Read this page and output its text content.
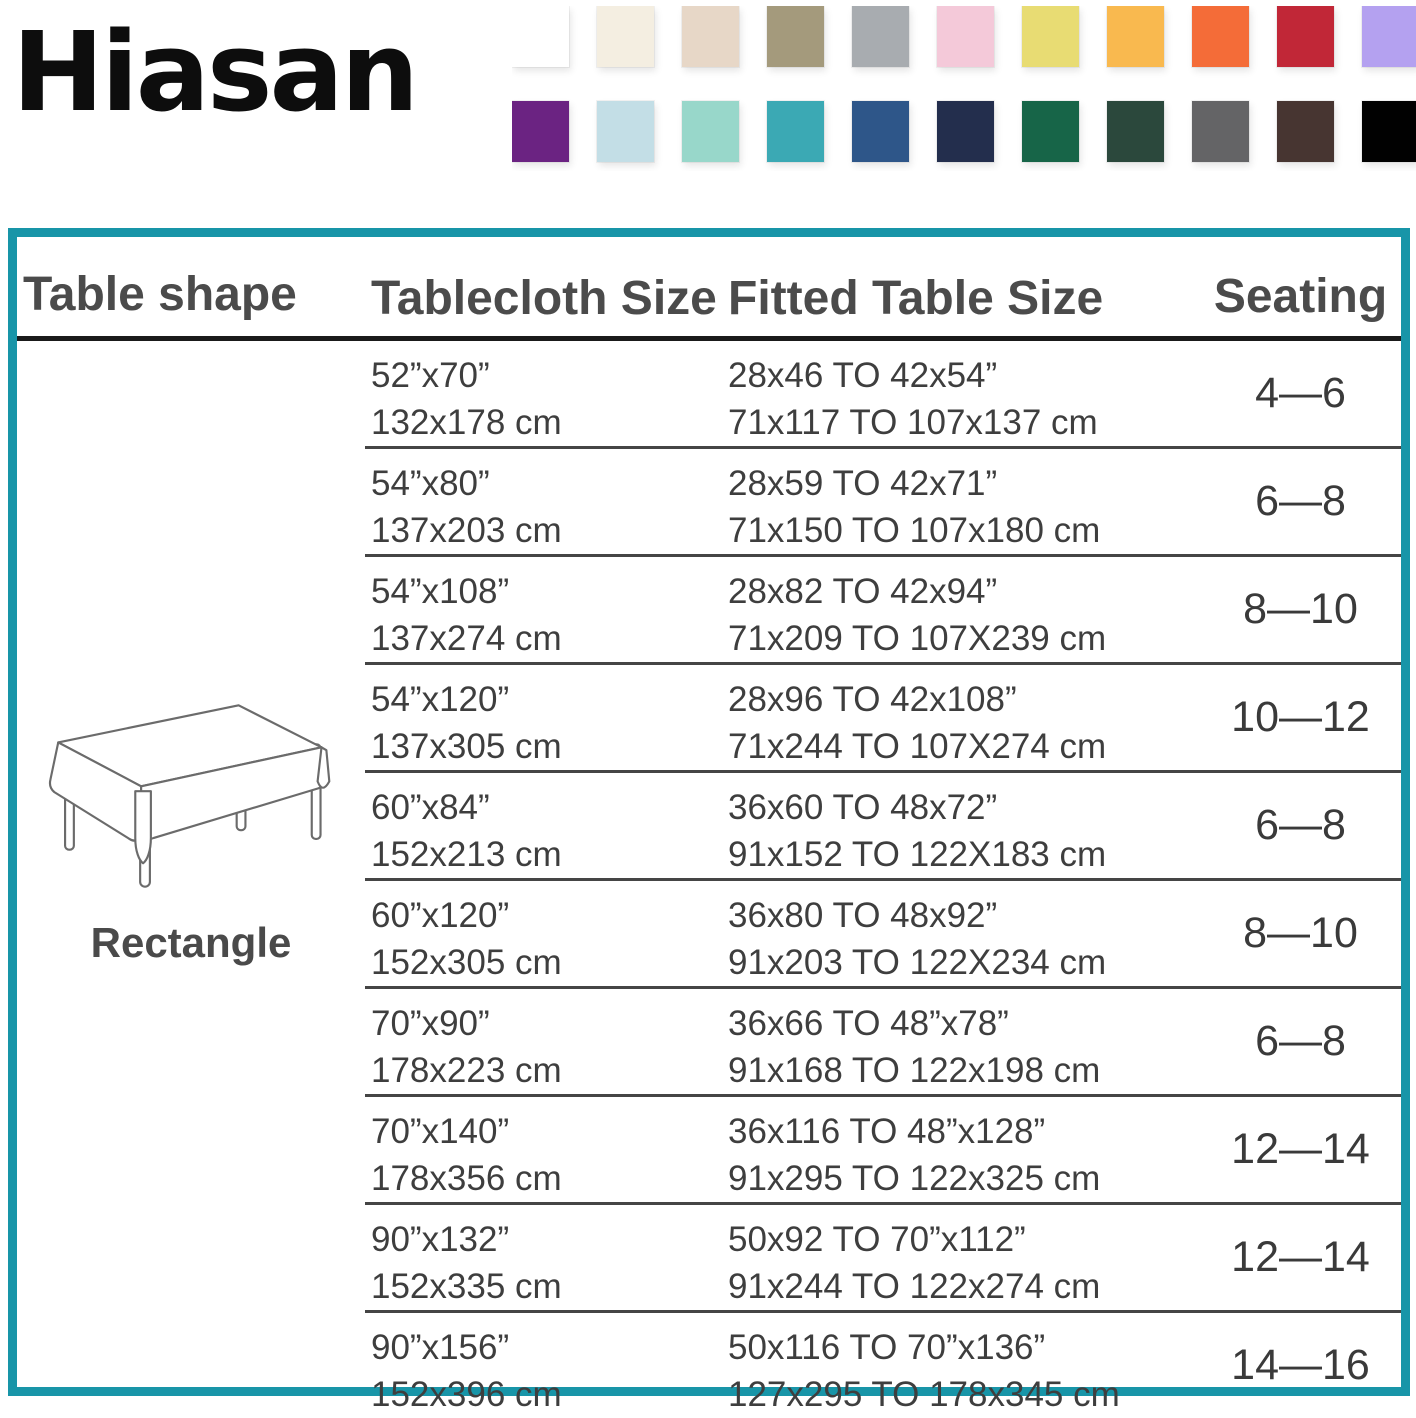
Hiasan
Table shape	Tablecloth Size Fitted Table Size	Seating
Rectangle
52”x70”
132x178 cm
28x46 TO 42x54”
71x117 TO 107x137 cm
4—6
54”x80”
137x203 cm
28x59 TO 42x71”
71x150 TO 107x180 cm
6—8
54”x108”
137x274 cm
28x82 TO 42x94”
71x209 TO 107X239 cm
8—10
54”x120”
137x305 cm
28x96 TO 42x108”
71x244 TO 107X274 cm
10—12
60”x84”
152x213 cm
36x60 TO 48x72”
91x152 TO 122X183 cm
6—8
60”x120”
152x305 cm
36x80 TO 48x92”
91x203 TO 122X234 cm
8—10
70”x90”
178x223 cm
36x66 TO 48”x78”
91x168 TO 122x198 cm
6—8
70”x140”
178x356 cm
36x116 TO 48”x128”
91x295 TO 122x325 cm
12—14
90”x132”
152x335 cm
50x92 TO 70”x112”
91x244 TO 122x274 cm
12—14
90”x156”
152x396 cm
50x116 TO 70”x136”
127x295 TO 178x345 cm
14—16
